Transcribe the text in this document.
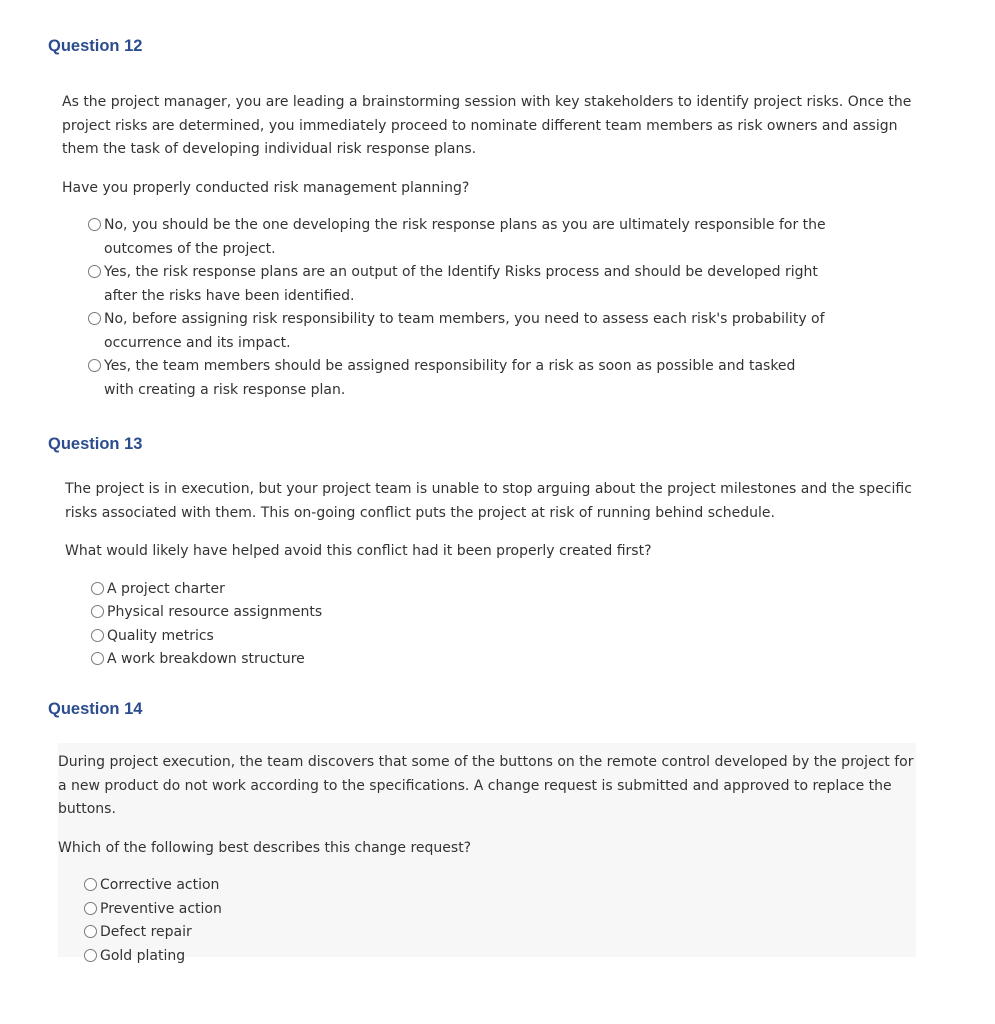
Question 12

As the project manager, you are leading a brainstorming session with key stakeholders to identify project risks. Once the project risks are determined, you immediately proceed to nominate different team members as risk owners and assign them the task of developing individual risk response plans.

Have you properly conducted risk management planning?

No, you should be the one developing the risk response plans as you are ultimately responsible for the outcomes of the project.
Yes, the risk response plans are an output of the Identify Risks process and should be developed right after the risks have been identified.
No, before assigning risk responsibility to team members, you need to assess each risk's probability of occurrence and its impact.
Yes, the team members should be assigned responsibility for a risk as soon as possible and tasked with creating a risk response plan.
Question 13

The project is in execution, but your project team is unable to stop arguing about the project milestones and the specific risks associated with them. This on-going conflict puts the project at risk of running behind schedule.

What would likely have helped avoid this conflict had it been properly created first?

A project charter
Physical resource assignments
Quality metrics
A work breakdown structure
Question 14

During project execution, the team discovers that some of the buttons on the remote control developed by the project for a new product do not work according to the specifications. A change request is submitted and approved to replace the buttons.

Which of the following best describes this change request?

Corrective action
Preventive action
Defect repair
Gold plating
